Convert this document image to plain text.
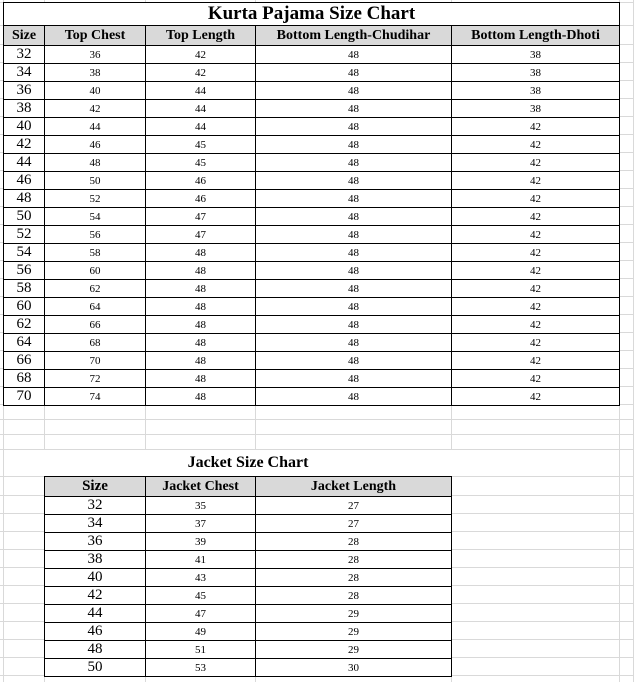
Kurta Pajama Size Chart				
Size	Top Chest	Top Length	Bottom Length-Chudihar	Bottom Length-Dhoti
32	36	42	48	38
34	38	42	48	38
36	40	44	48	38
38	42	44	48	38
40	44	44	48	42
42	46	45	48	42
44	48	45	48	42
46	50	46	48	42
48	52	46	48	42
50	54	47	48	42
52	56	47	48	42
54	58	48	48	42
56	60	48	48	42
58	62	48	48	42
60	64	48	48	42
62	66	48	48	42
64	68	48	48	42
66	70	48	48	42
68	72	48	48	42
70	74	48	48	42
Jacket Size Chart		
Size	Jacket Chest	Jacket Length
32	35	27
34	37	27
36	39	28
38	41	28
40	43	28
42	45	28
44	47	29
46	49	29
48	51	29
50	53	30
